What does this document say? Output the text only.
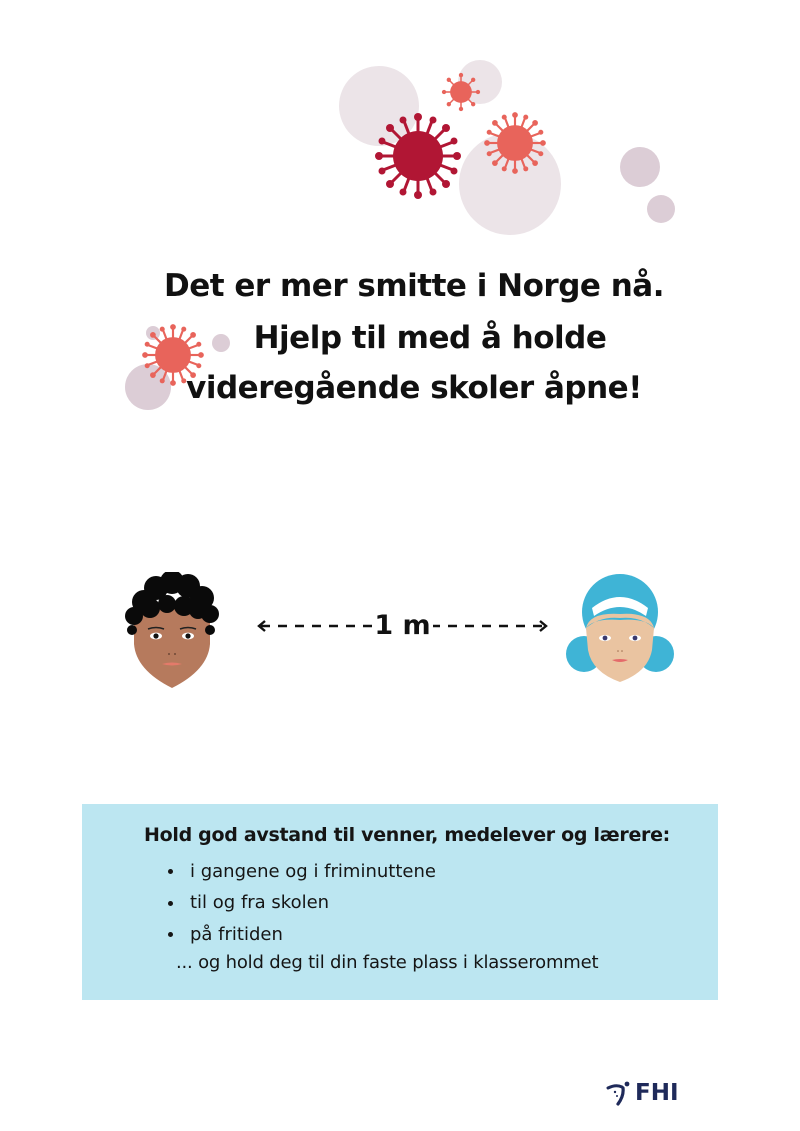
Det er mer smitte i Norge nå.
Hjelp til med å holde
videregående skoler åpne!
1 m
Hold god avstand til venner, medelever og lærere:
i gangene og i friminuttene
til og fra skolen
på fritiden
... og hold deg til din faste plass i klasserommet
FHI
